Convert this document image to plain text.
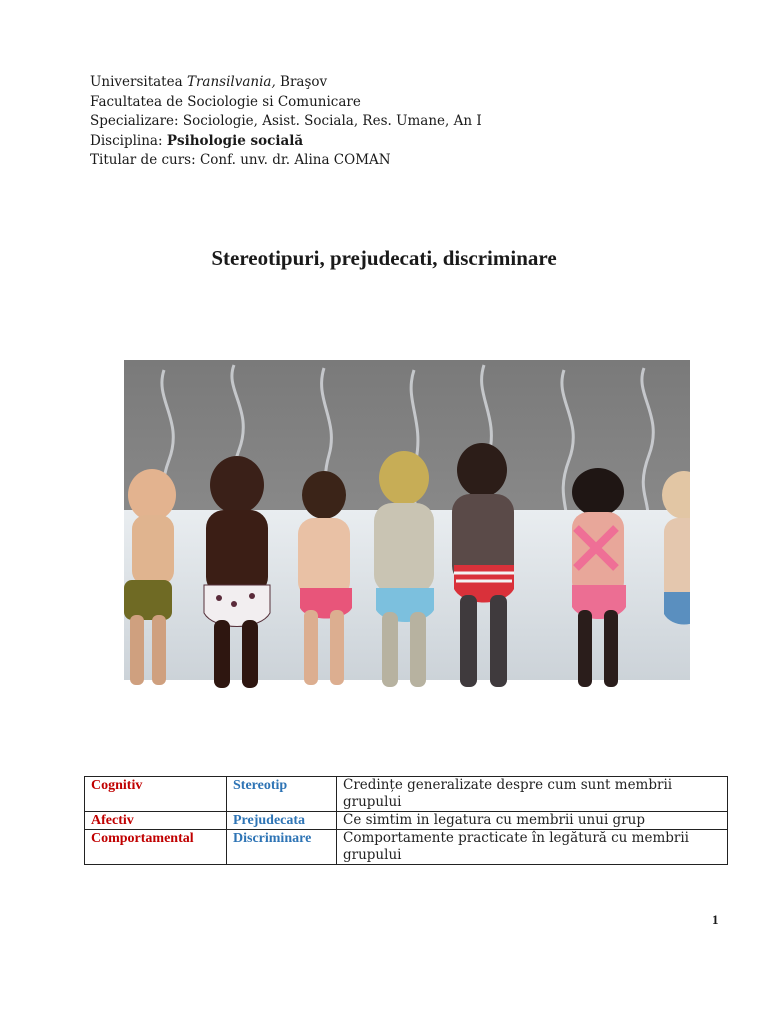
Universitatea Transilvania, Braşov
Facultatea de Sociologie si Comunicare
Specializare: Sociologie, Asist. Sociala, Res. Umane, An I
Disciplina: Psihologie socială
Titular de curs: Conf. unv. dr. Alina COMAN
Stereotipuri, prejudecati, discriminare
Cognitiv	Stereotip	Credințe generalizate despre cum sunt membrii grupului
Afectiv	Prejudecata	Ce simtim in legatura cu membrii unui grup
Comportamental	Discriminare	Comportamente practicate în legătură cu membrii grupului
1
